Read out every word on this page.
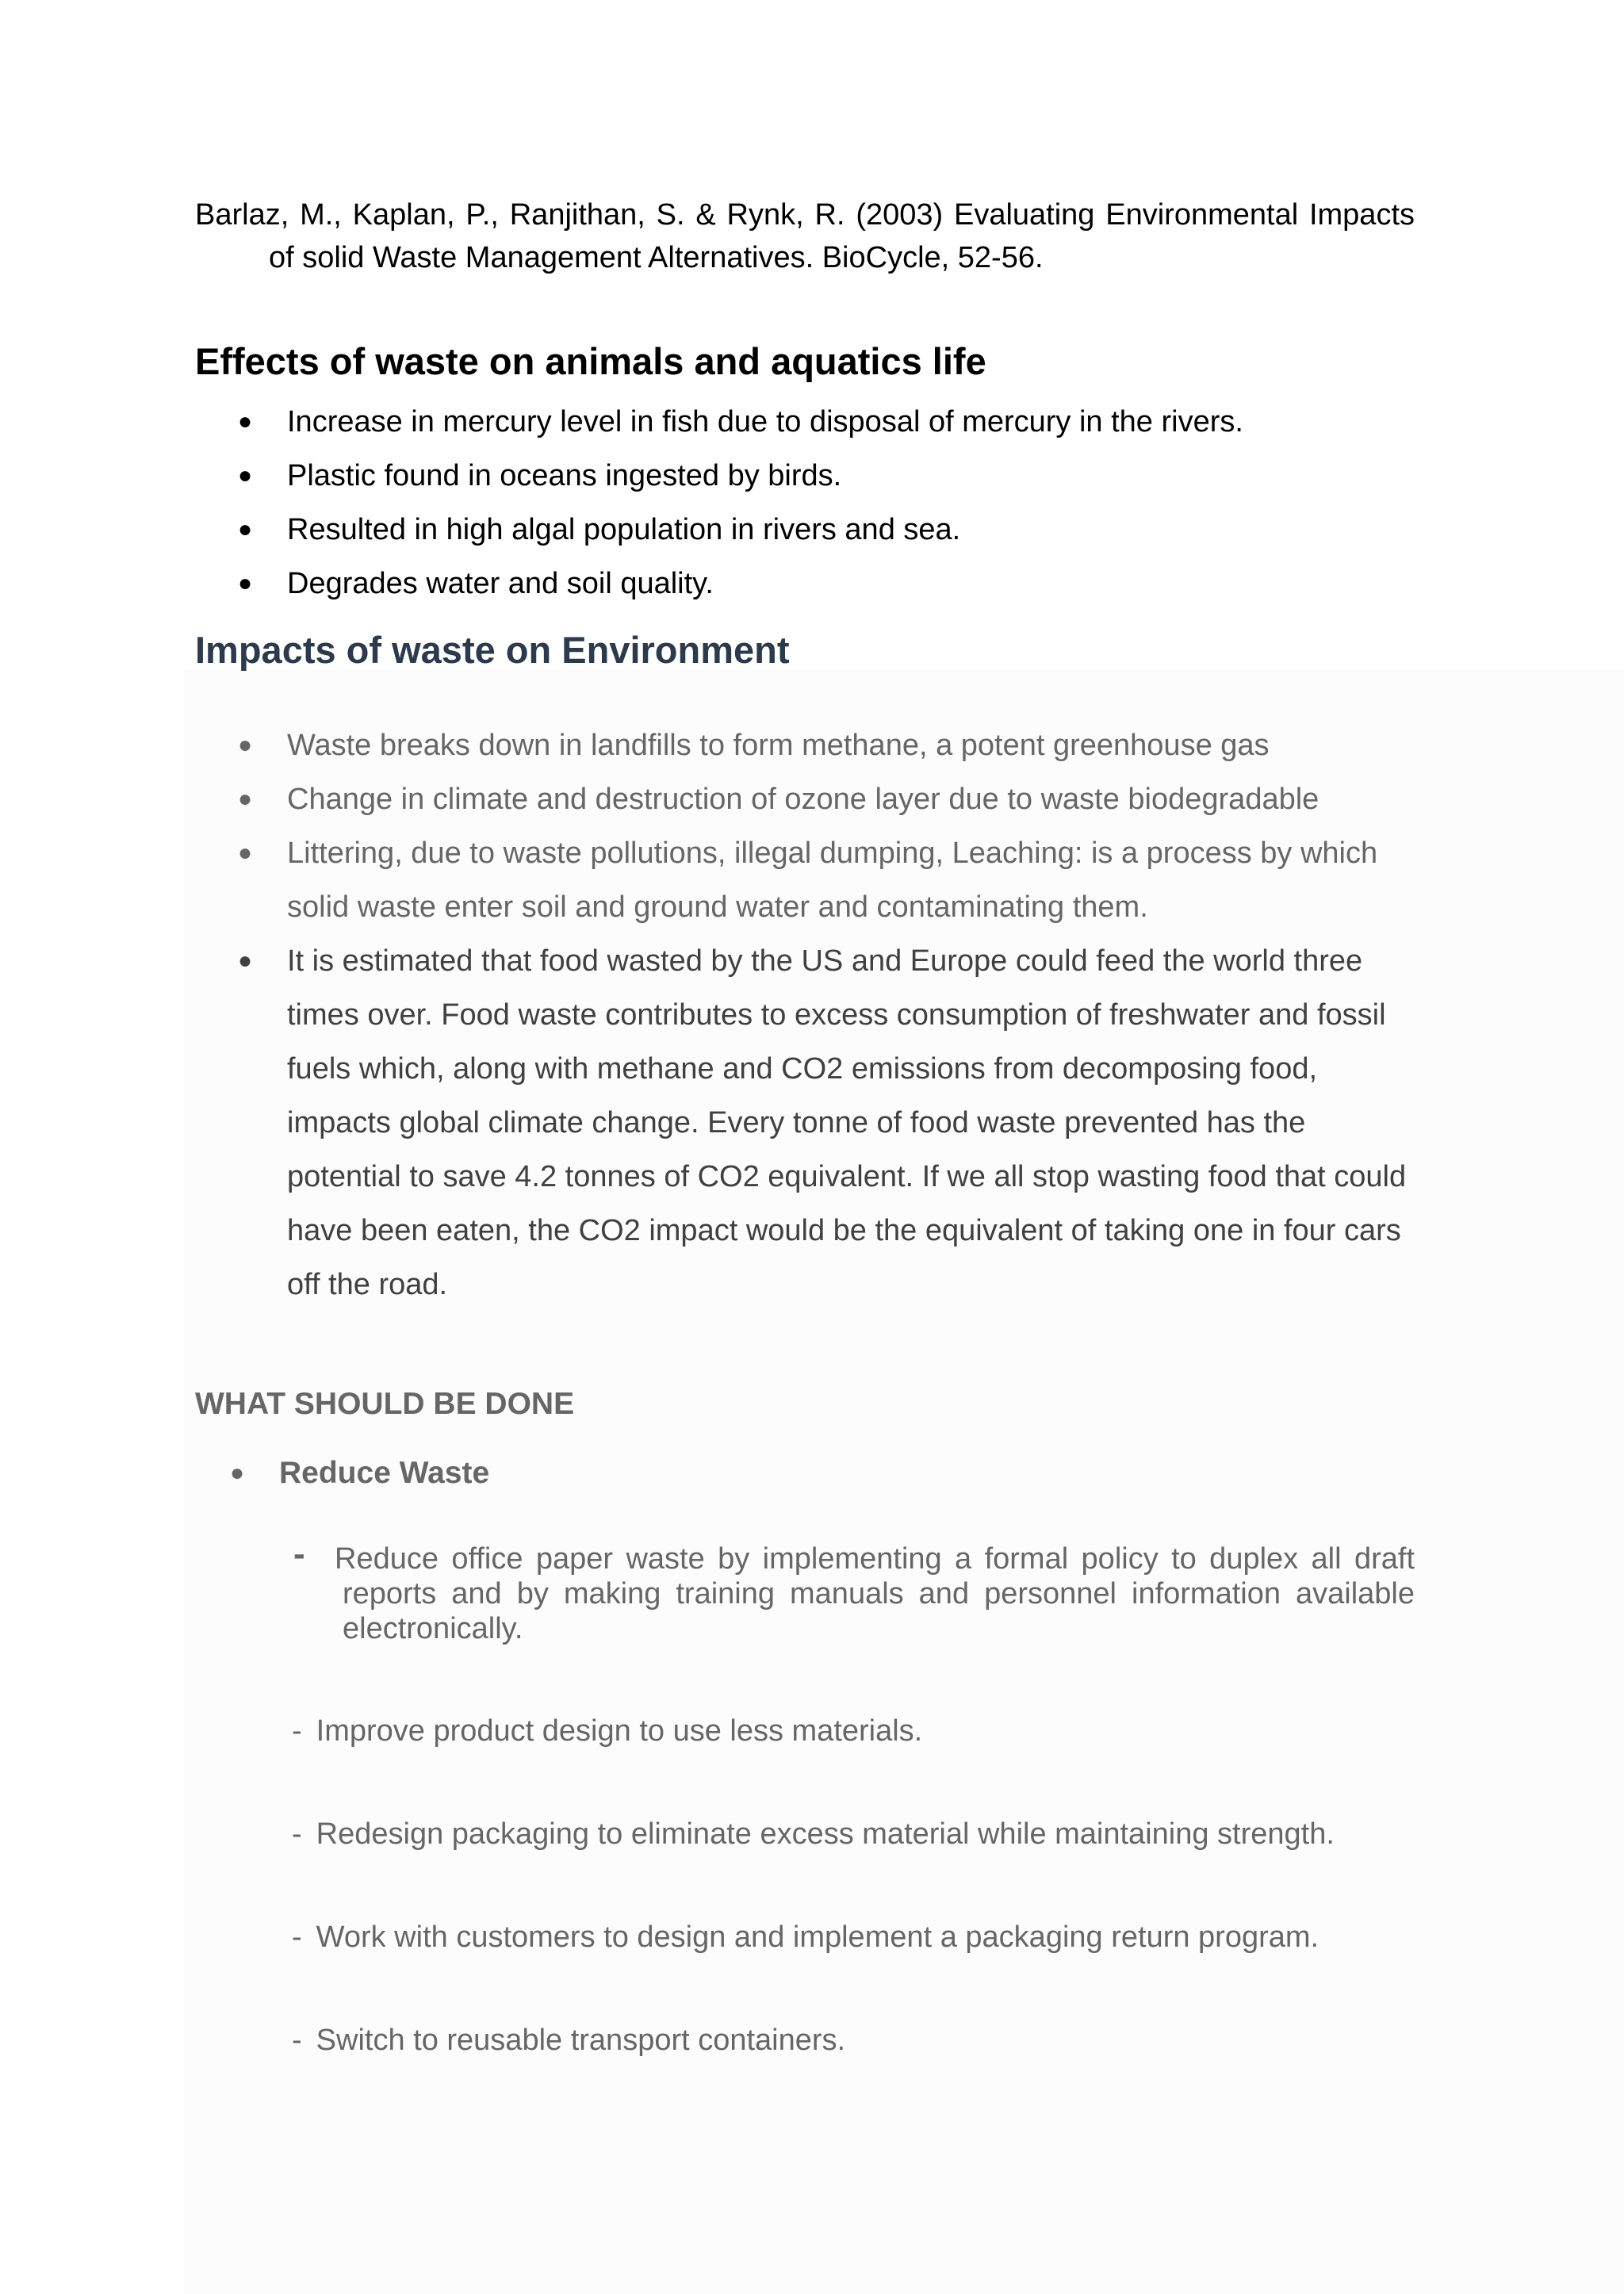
Barlaz, M., Kaplan, P., Ranjithan, S. & Rynk, R. (2003) Evaluating Environmental Impacts of solid Waste Management Alternatives. BioCycle, 52-56.
Effects of waste on animals and aquatics life
● Increase in mercury level in fish due to disposal of mercury in the rivers.
● Plastic found in oceans ingested by birds.
● Resulted in high algal population in rivers and sea.
● Degrades water and soil quality.
Impacts of waste on Environment
● Waste breaks down in landfills to form methane, a potent greenhouse gas
● Change in climate and destruction of ozone layer due to waste biodegradable
● Littering, due to waste pollutions, illegal dumping, Leaching: is a process by which solid waste enter soil and ground water and contaminating them.
● It is estimated that food wasted by the US and Europe could feed the world three times over. Food waste contributes to excess consumption of freshwater and fossil fuels which, along with methane and CO2 emissions from decomposing food, impacts global climate change. Every tonne of food waste prevented has the potential to save 4.2 tonnes of CO2 equivalent. If we all stop wasting food that could have been eaten, the CO2 impact would be the equivalent of taking one in four cars off the road.
WHAT SHOULD BE DONE
● Reduce Waste
- Reduce office paper waste by implementing a formal policy to duplex all draft reports and by making training manuals and personnel information available electronically.
- Improve product design to use less materials.
- Redesign packaging to eliminate excess material while maintaining strength.
- Work with customers to design and implement a packaging return program.
- Switch to reusable transport containers.
